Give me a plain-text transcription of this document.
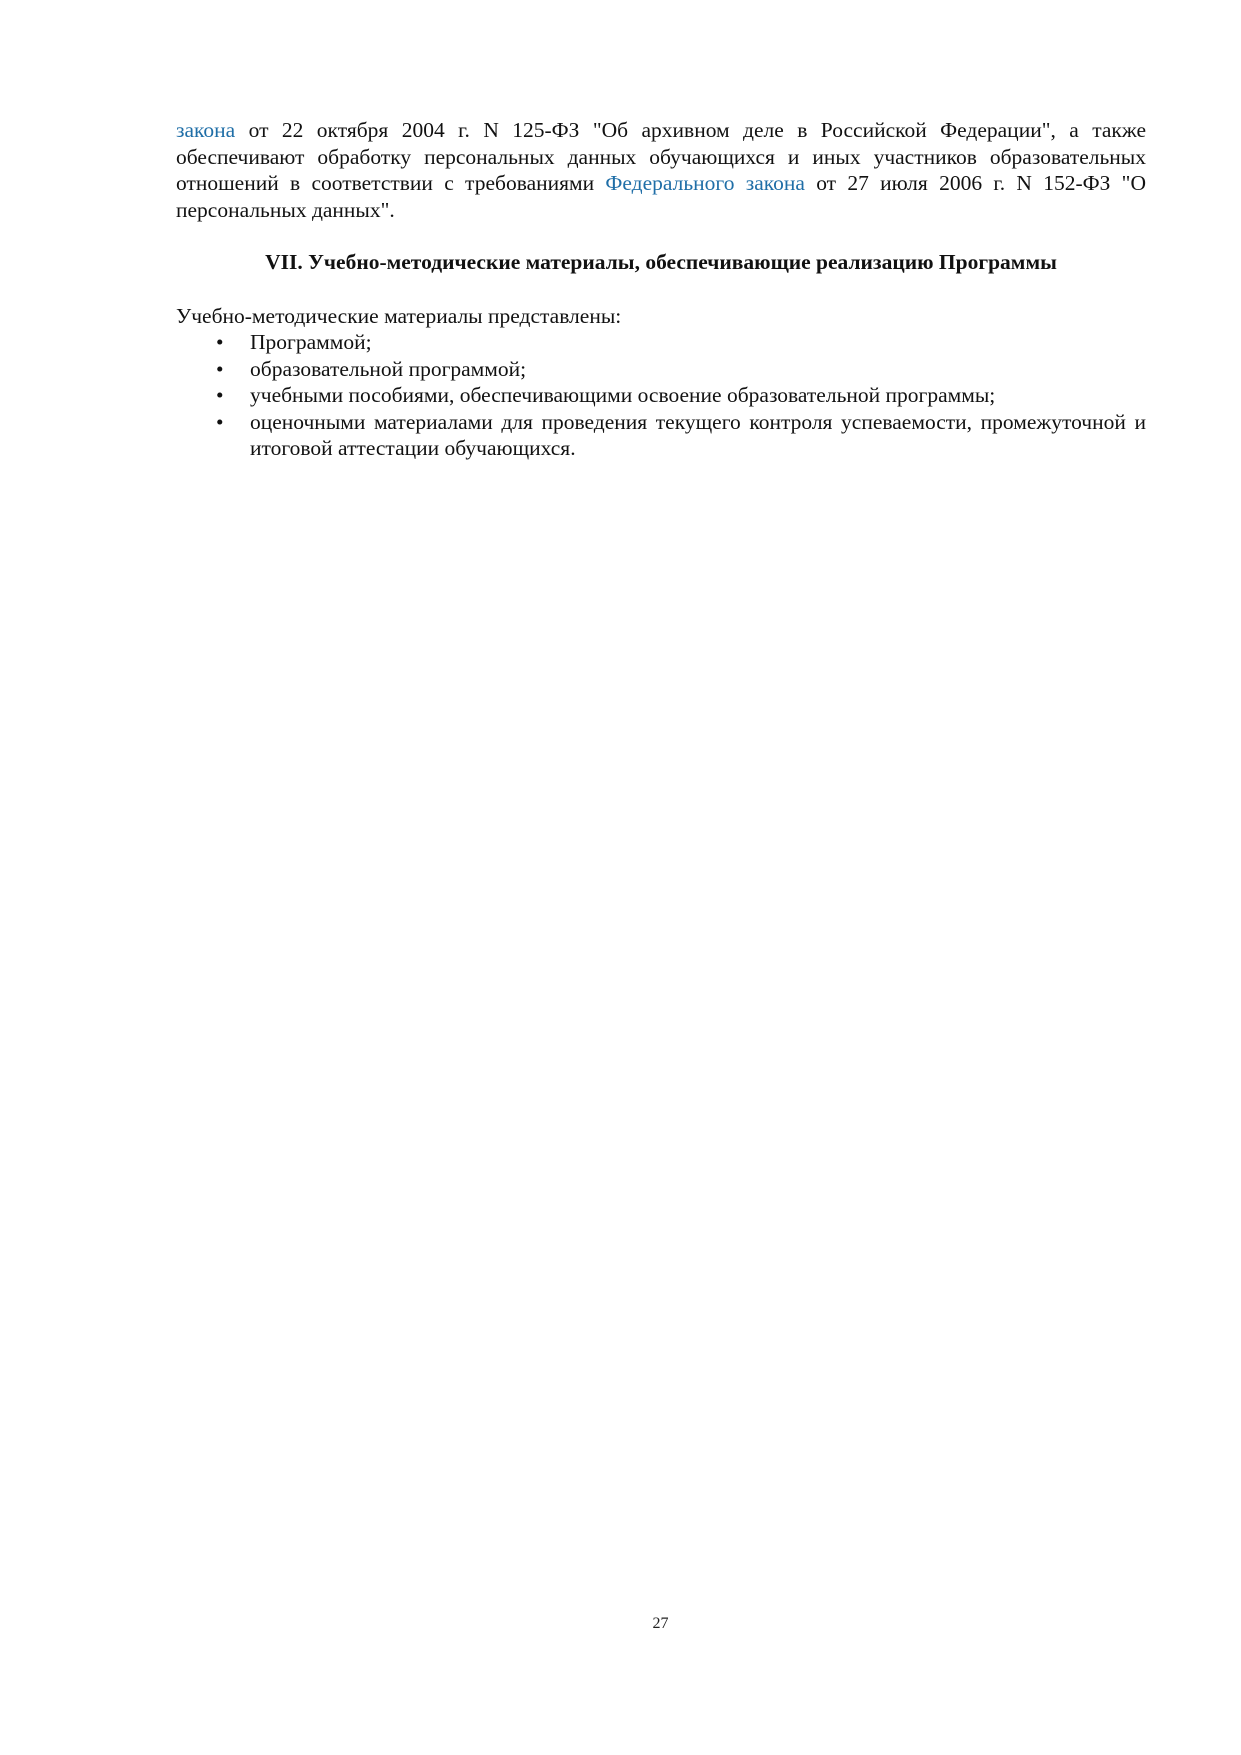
закона от 22 октября 2004 г. N 125-ФЗ "Об архивном деле в Российской Федерации", а также обеспечивают обработку персональных данных обучающихся и иных участников образовательных отношений в соответствии с требованиями Федерального закона от 27 июля 2006 г. N 152-ФЗ "О персональных данных".

VII. Учебно-методические материалы, обеспечивающие реализацию Программы

Учебно-методические материалы представлены:

• Программой;
• образовательной программой;
• учебными пособиями, обеспечивающими освоение образовательной программы;
• оценочными материалами для проведения текущего контроля успеваемости, промежуточной и итоговой аттестации обучающихся.
27
